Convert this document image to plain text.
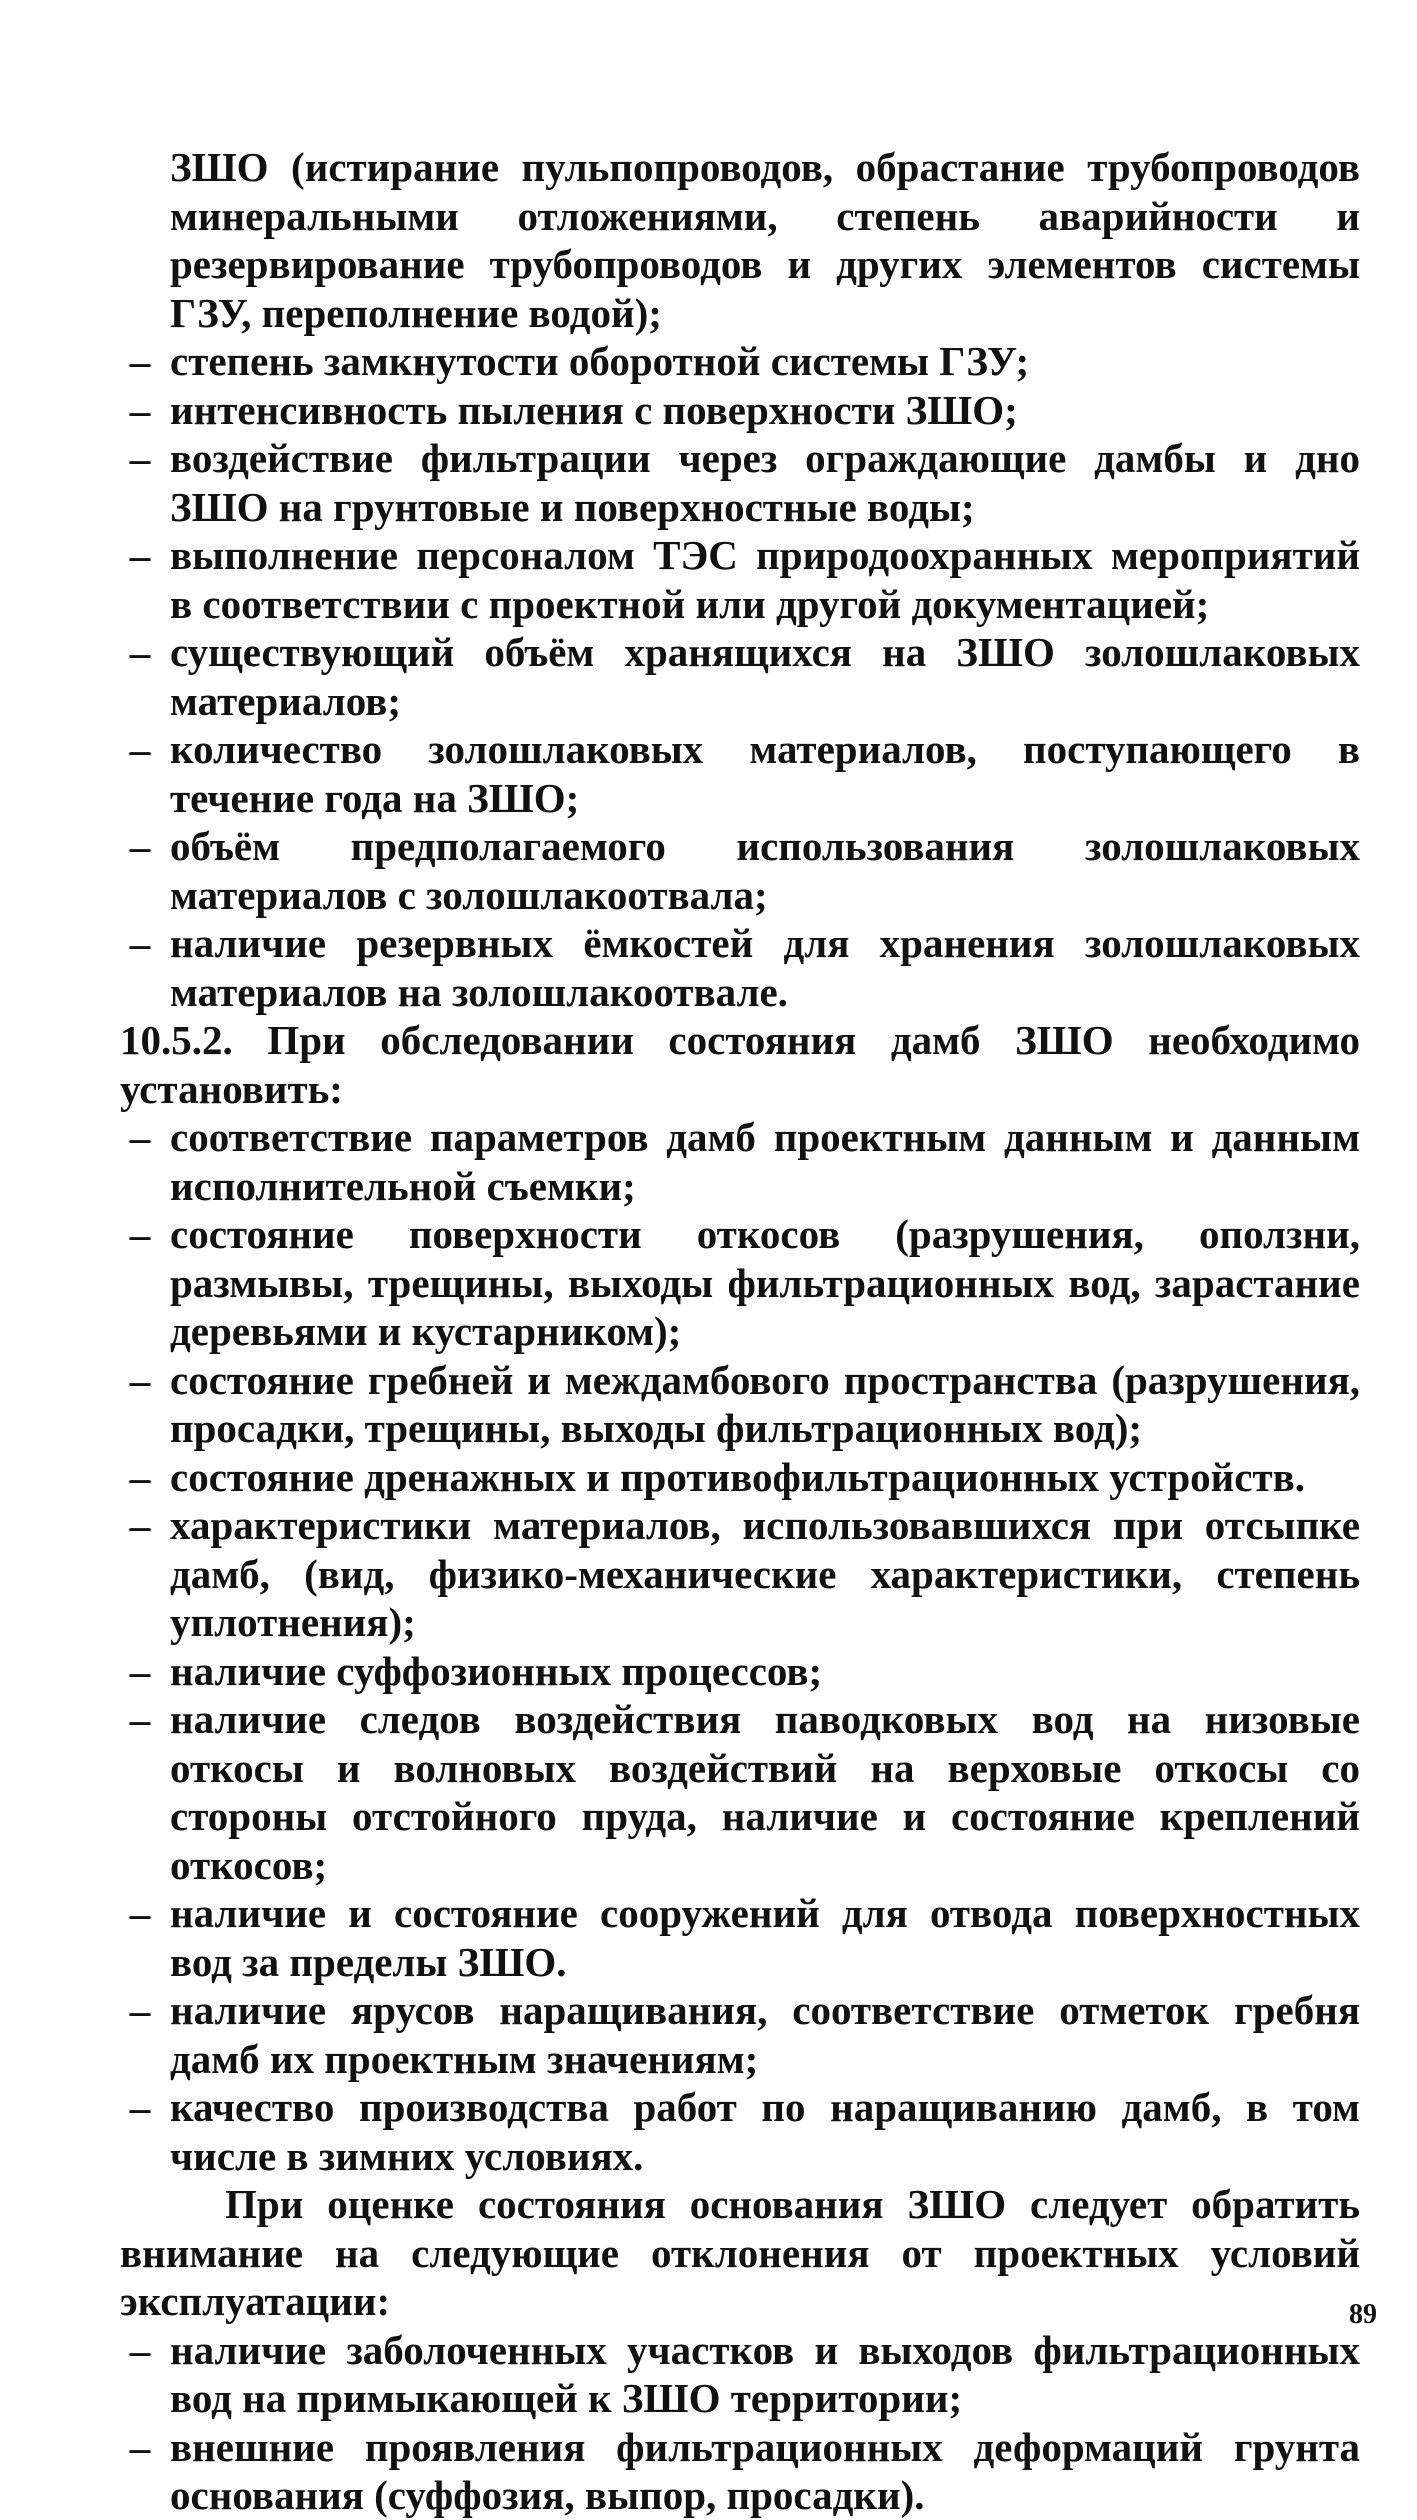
ЗШО (истирание пульпопроводов, обрастание трубопроводов минеральными отложениями, степень аварийности и резервирование трубопроводов и других элементов системы ГЗУ, переполнение водой);

– степень замкнутости оборотной системы ГЗУ;
– интенсивность пыления с поверхности ЗШО;
– воздействие фильтрации через ограждающие дамбы и дно ЗШО на грунтовые и поверхностные воды;
– выполнение персоналом ТЭС природоохранных мероприятий в соответствии с проектной или другой документацией;
– существующий объём хранящихся на ЗШО золошлаковых материалов;
– количество золошлаковых материалов, поступающего в течение года на ЗШО;
– объём предполагаемого использования золошлаковых материалов с золошлакоотвала;
– наличие резервных ёмкостей для хранения золошлаковых материалов на золошлакоотвале.

10.5.2. При обследовании состояния дамб ЗШО необходимо установить:

– соответствие параметров дамб проектным данным и данным исполнительной съемки;
– состояние поверхности откосов (разрушения, оползни, размывы, трещины, выходы фильтрационных вод, зарастание деревьями и кустарником);
– состояние гребней и междамбового пространства (разрушения, просадки, трещины, выходы фильтрационных вод);
– состояние дренажных и противофильтрационных устройств.
– характеристики материалов, использовавшихся при отсыпке дамб, (вид, физико-механические характеристики, степень уплотнения);
– наличие суффозионных процессов;
– наличие следов воздействия паводковых вод на низовые откосы и волновых воздействий на верховые откосы со стороны отстойного пруда, наличие и состояние креплений откосов;
– наличие и состояние сооружений для отвода поверхностных вод за пределы ЗШО.
– наличие ярусов наращивания, соответствие отметок гребня дамб их проектным значениям;
– качество производства работ по наращиванию дамб, в том числе в зимних условиях.

При оценке состояния основания ЗШО следует обратить внимание на следующие отклонения от проектных условий эксплуатации:

– наличие заболоченных участков и выходов фильтрационных вод на примыкающей к ЗШО территории;
– внешние проявления фильтрационных деформаций грунта основания (суффозия, выпор, просадки).
89
